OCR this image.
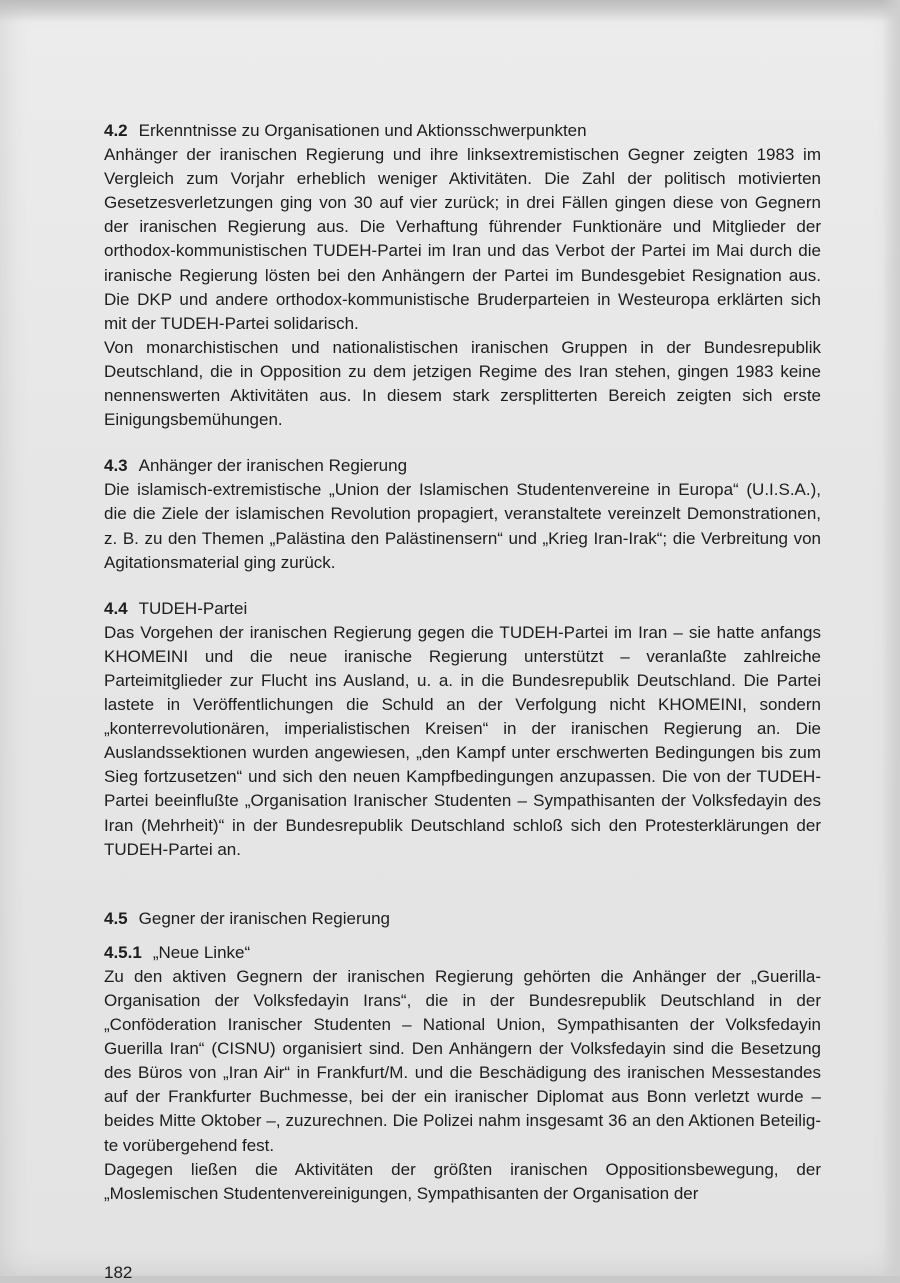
4.2 Erkenntnisse zu Organisationen und Aktionsschwerpunkten

Anhänger der iranischen Regierung und ihre linksextremistischen Gegner zeigten 1983 im Vergleich zum Vorjahr erheblich weniger Aktivitäten. Die Zahl der politisch motivierten Gesetzesverletzungen ging von 30 auf vier zurück; in drei Fällen gingen diese von Gegnern der iranischen Regierung aus. Die Verhaftung führender Funktionäre und Mitglieder der orthodox-kommunistischen TUDEH-Partei im Iran und das Verbot der Partei im Mai durch die iranische Regierung lösten bei den Anhängern der Partei im Bundesgebiet Resignation aus. Die DKP und andere orthodox-kommunistische Bruderparteien in Westeuropa erklärten sich mit der TUDEH-Partei solidarisch.

Von monarchistischen und nationalistischen iranischen Gruppen in der Bundesrepublik Deutschland, die in Opposition zu dem jetzigen Regime des Iran stehen, gingen 1983 keine nennenswerten Aktivitäten aus. In diesem stark zersplitterten Bereich zeigten sich erste Einigungsbemühungen.

4.3 Anhänger der iranischen Regierung

Die islamisch-extremistische „Union der Islamischen Studentenvereine in Europa“ (U.I.S.A.), die die Ziele der islamischen Revolution propagiert, veranstaltete vereinzelt Demonstrationen, z. B. zu den Themen „Palästina den Palästinensern“ und „Krieg Iran-Irak“; die Verbreitung von Agitationsmaterial ging zurück.

4.4 TUDEH-Partei

Das Vorgehen der iranischen Regierung gegen die TUDEH-Partei im Iran – sie hatte anfangs KHOMEINI und die neue iranische Regierung unterstützt – veranlaßte zahlreiche Parteimitglieder zur Flucht ins Ausland, u. a. in die Bundesrepublik Deutschland. Die Partei lastete in Veröffentlichungen die Schuld an der Verfolgung nicht KHOMEINI, sondern „konterrevolutionären, imperialistischen Kreisen“ in der iranischen Regierung an. Die Auslandssektionen wurden angewiesen, „den Kampf unter erschwerten Bedingungen bis zum Sieg fortzusetzen“ und sich den neuen Kampfbedingungen anzupassen. Die von der TUDEH-Partei beeinflußte „Organisation Iranischer Studenten – Sympathisanten der Volksfedayin des Iran (Mehrheit)“ in der Bundesrepublik Deutschland schloß sich den Protesterklärungen der TUDEH-Partei an.

4.5 Gegner der iranischen Regierung
4.5.1 „Neue Linke“

Zu den aktiven Gegnern der iranischen Regierung gehörten die Anhänger der „Guerilla-Organisation der Volksfedayin Irans“, die in der Bundesrepublik Deutschland in der „Conföderation Iranischer Studenten – National Union, Sympathisanten der Volksfedayin Guerilla Iran“ (CISNU) organisiert sind. Den Anhängern der Volksfedayin sind die Besetzung des Büros von „Iran Air“ in Frankfurt/M. und die Beschädigung des iranischen Messestandes auf der Frankfurter Buchmesse, bei der ein iranischer Diplomat aus Bonn verletzt wurde – beides Mitte Oktober –, zuzurechnen. Die Polizei nahm insgesamt 36 an den Aktionen Beteiligte vorübergehend fest.

Dagegen ließen die Aktivitäten der größten iranischen Oppositionsbewegung, der „Moslemischen Studentenvereinigungen, Sympathisanten der Organisation der

182
